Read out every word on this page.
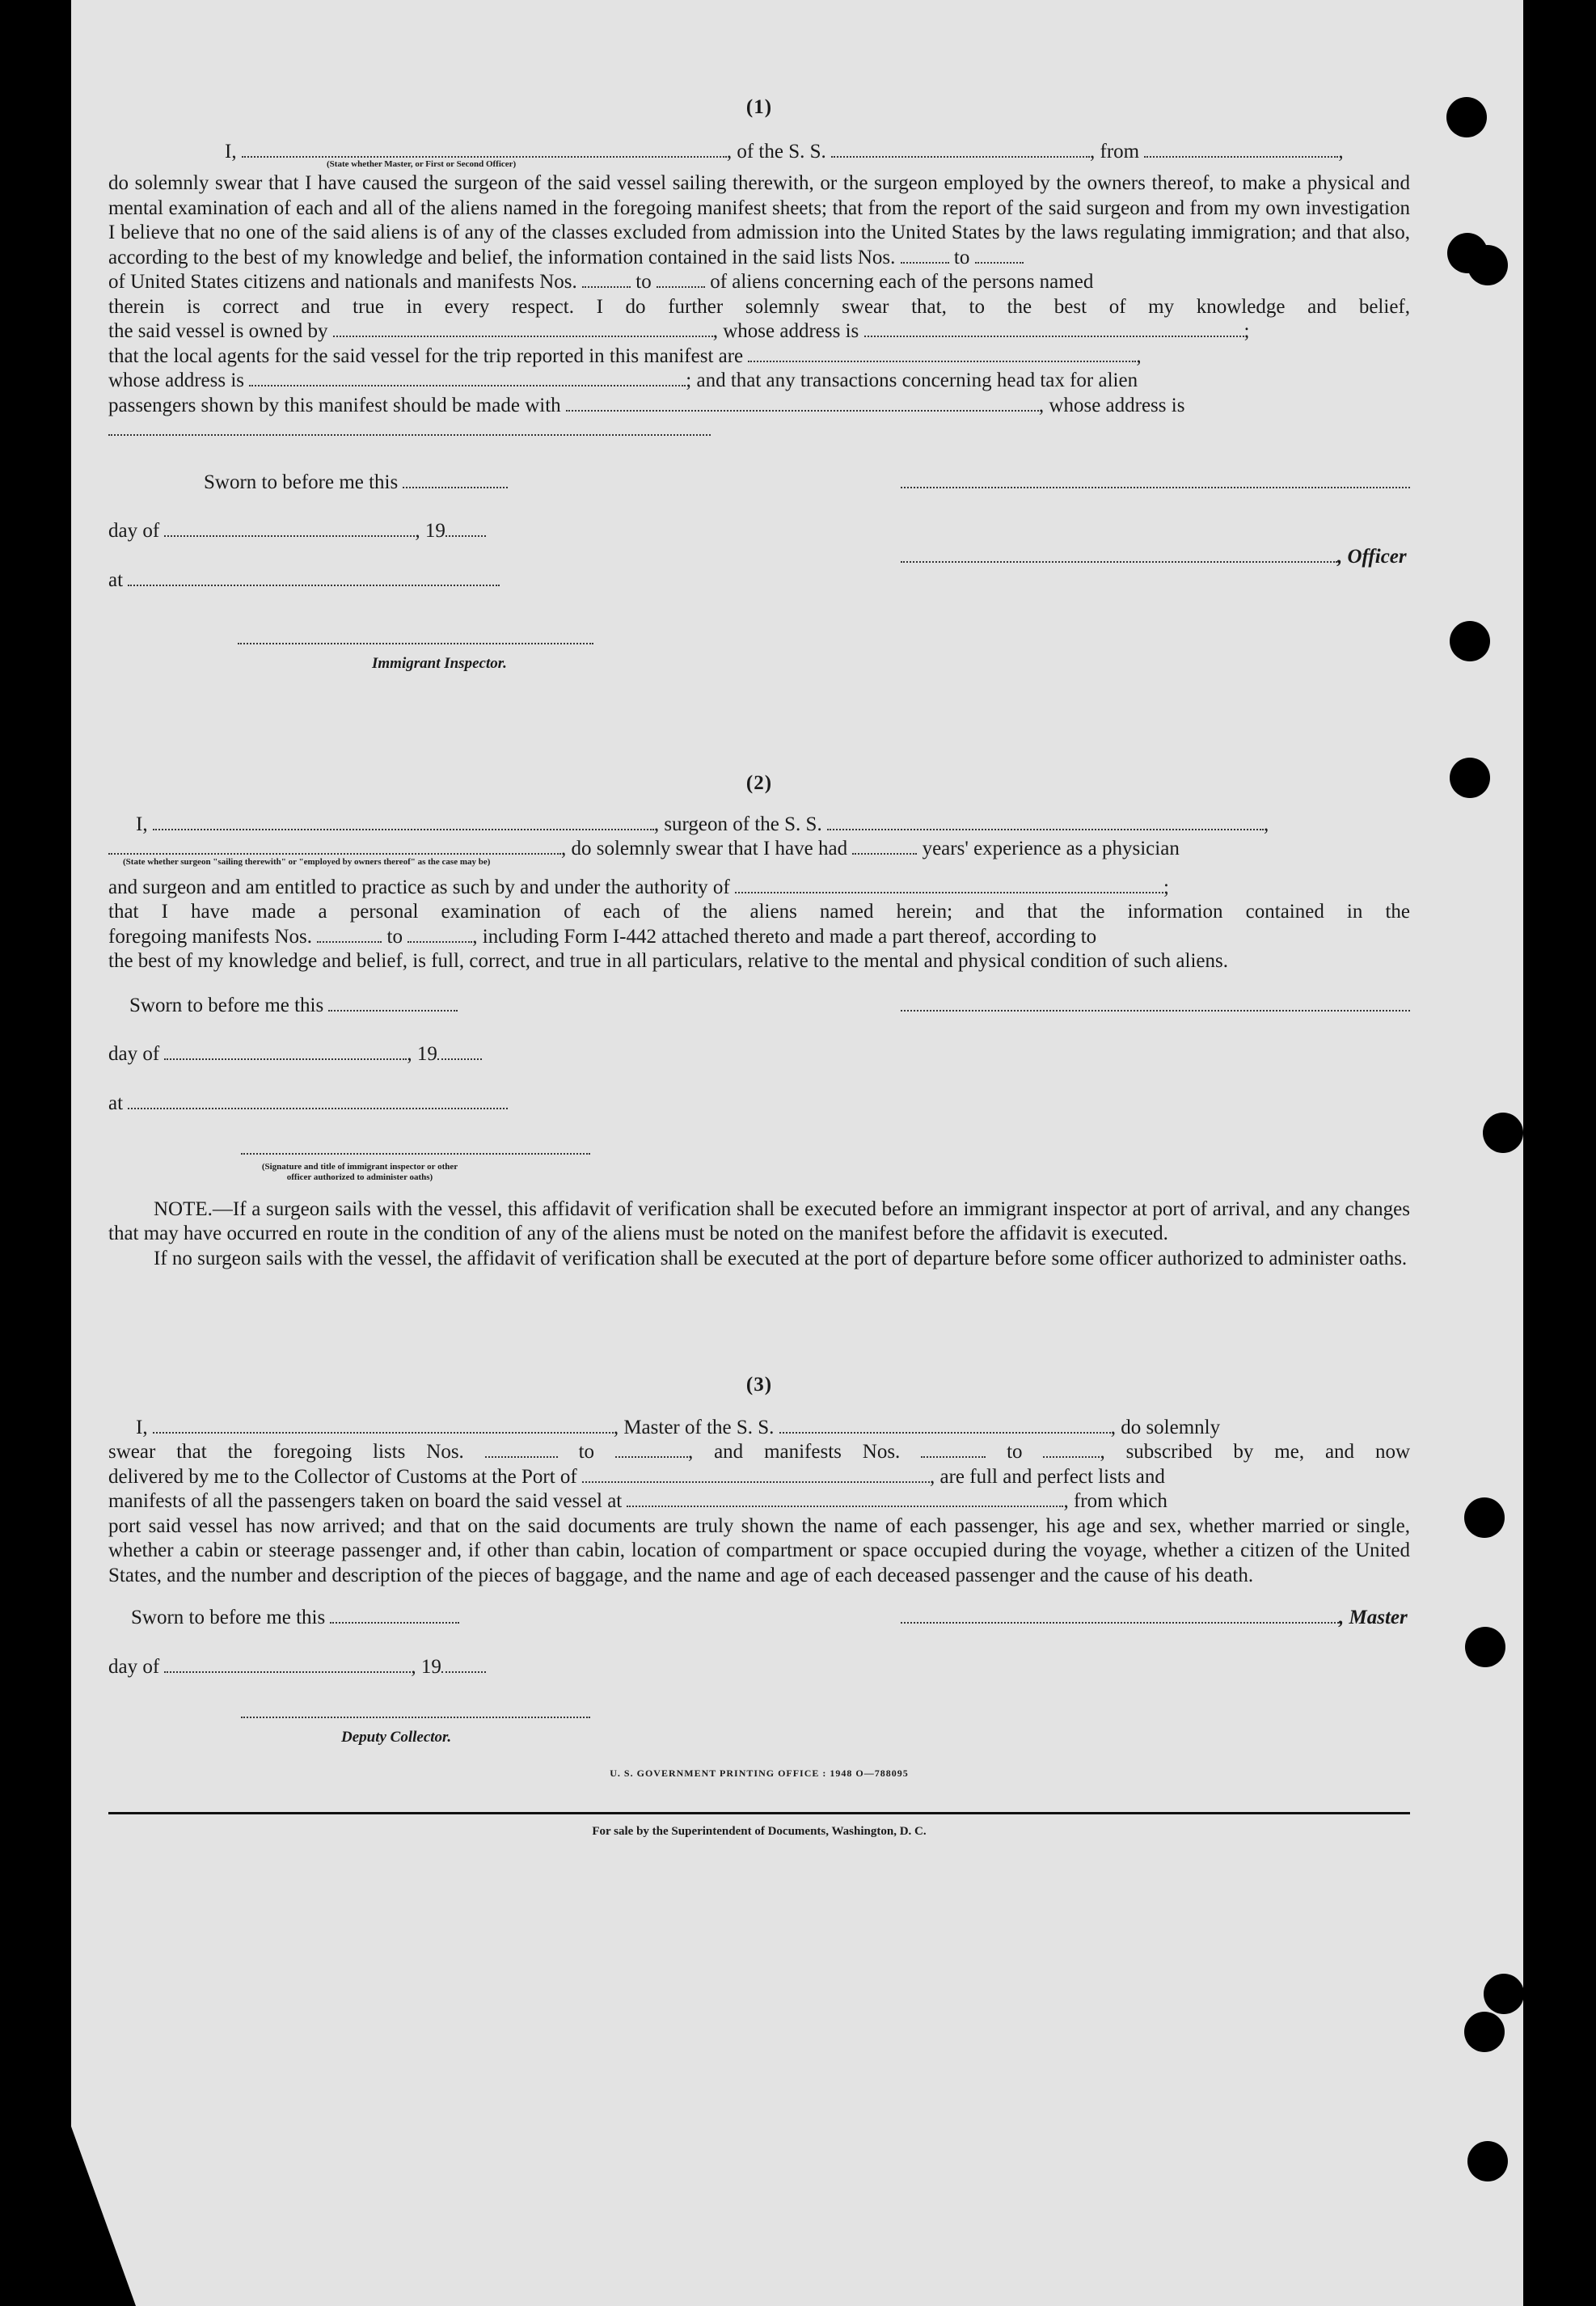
(1)
I,	, of the S. S.	, from	,
(State whether Master, or First or Second Officer)
do solemnly swear that I have caused the surgeon of the said vessel sailing therewith, or the surgeon employed by the owners thereof, to make a physical and mental examination of each and all of the aliens named in the foregoing manifest sheets; that from the report of the said surgeon and from my own investigation I believe that no one of the said aliens is of any of the classes excluded from admission into the United States by the laws regulating immigration; and that also, according to the best of my knowledge and belief, the information contained in the said lists Nos.	to
of United States citizens and nationals and manifests Nos.	to	of aliens concerning each of the persons named
therein is correct and true in every respect. I do further solemnly swear that, to the best of my knowledge and belief,
the said vessel is owned by	, whose address is	;
that the local agents for the said vessel for the trip reported in this manifest are	,
whose address is	; and that any transactions concerning head tax for alien
passengers shown by this manifest should be made with	, whose address is
Sworn to before me this
day of	, 19
at
Immigrant Inspector.
, Officer
(2)
I,	, surgeon of the S. S.	,
, do solemnly swear that I have had	years' experience as a physician
(State whether surgeon "sailing therewith" or "employed by owners thereof" as the case may be)
and surgeon and am entitled to practice as such by and under the authority of	;
that I have made a personal examination of each of the aliens named herein; and that the information contained in the
foregoing manifests Nos.	to	, including Form I-442 attached thereto and made a part thereof, according to
the best of my knowledge and belief, is full, correct, and true in all particulars, relative to the mental and physical condition of such aliens.
Sworn to before me this
day of	, 19
at
(Signature and title of immigrant inspector or other officer authorized to administer oaths)
NOTE.—If a surgeon sails with the vessel, this affidavit of verification shall be executed before an immigrant inspector at port of arrival, and any changes that may have occurred en route in the condition of any of the aliens must be noted on the manifest before the affidavit is executed.
If no surgeon sails with the vessel, the affidavit of verification shall be executed at the port of departure before some officer authorized to administer oaths.
(3)
I,	, Master of the S. S.	, do solemnly
swear that the foregoing lists Nos.	to	, and manifests Nos.	to	, subscribed by me, and now
delivered by me to the Collector of Customs at the Port of	, are full and perfect lists and
manifests of all the passengers taken on board the said vessel at	, from which
port said vessel has now arrived; and that on the said documents are truly shown the name of each passenger, his age and sex, whether married or single, whether a cabin or steerage passenger and, if other than cabin, location of compartment or space occupied during the voyage, whether a citizen of the United States, and the number and description of the pieces of baggage, and the name and age of each deceased passenger and the cause of his death.
Sworn to before me this
day of	, 19
Deputy Collector.
, Master
U. S. GOVERNMENT PRINTING OFFICE : 1948 O—788095
For sale by the Superintendent of Documents, Washington, D. C.
